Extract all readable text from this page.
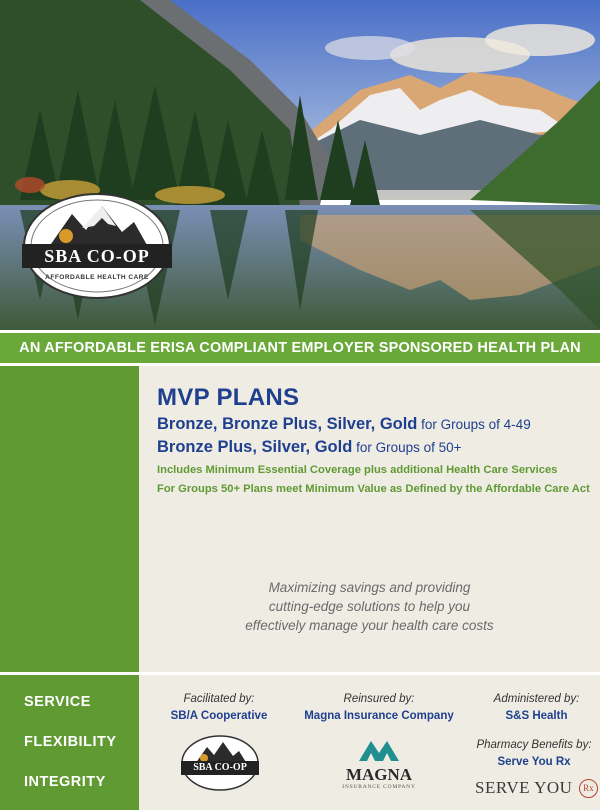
SBA CO-OP
AFFORDABLE HEALTH CARE
AN AFFORDABLE ERISA COMPLIANT EMPLOYER SPONSORED HEALTH PLAN
MVP PLANS
Bronze, Bronze Plus, Silver, Gold for Groups of 4-49
Bronze Plus, Silver, Gold for Groups of 50+
Includes Minimum Essential Coverage plus additional Health Care Services
For Groups 50+ Plans meet Minimum Value as Defined by the Affordable Care Act
Maximizing savings and providing
cutting-edge solutions to help you
effectively manage your health care costs
SERVICE
FLEXIBILITY
INTEGRITY
Facilitated by:
SB/A Cooperative
SBA CO-OP
Reinsured by:
Magna Insurance Company
MAGNA
INSURANCE COMPANY
Administered by:
S&S Health
Pharmacy Benefits by:
Serve You Rx
SERVE YOU Rx
